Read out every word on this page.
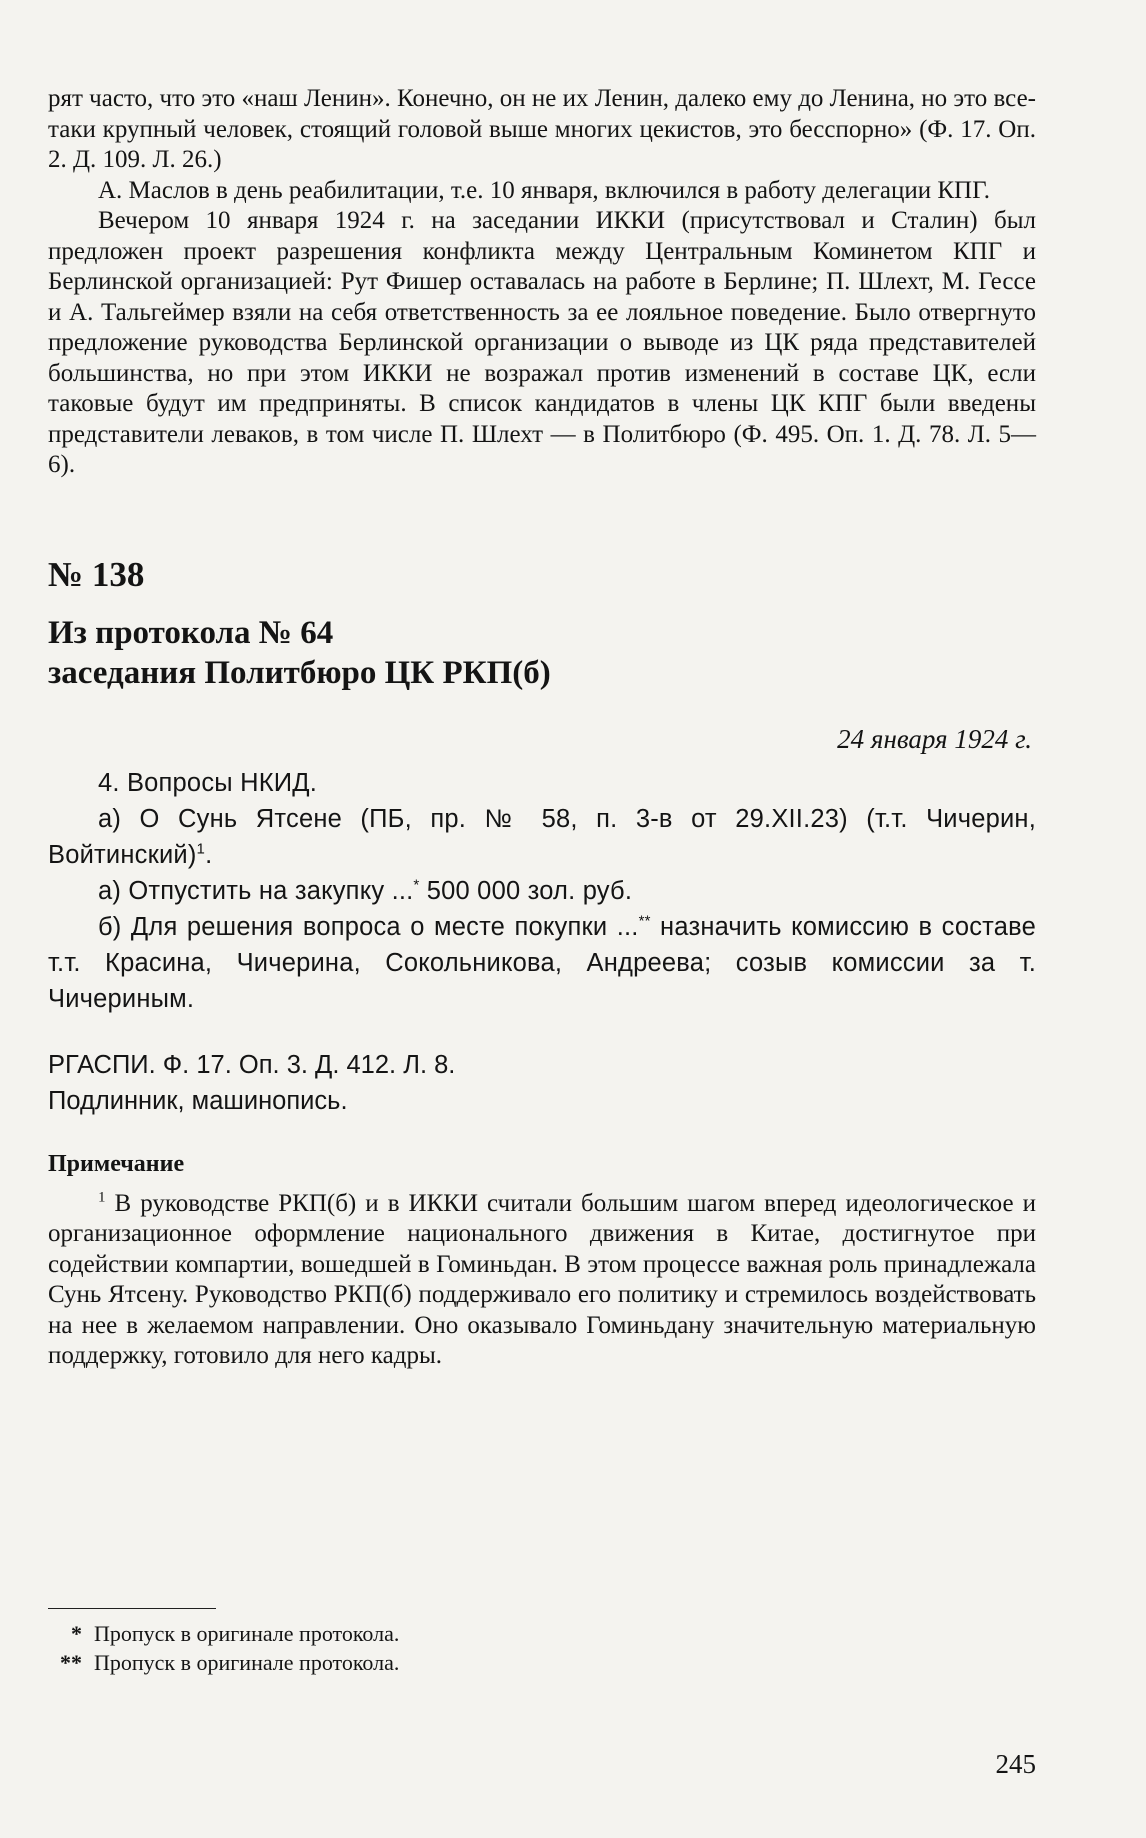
рят часто, что это «наш Ленин». Конечно, он не их Ленин, далеко ему до Ленина, но это все-таки крупный человек, стоящий головой выше многих цекистов, это бесспорно» (Ф. 17. Оп. 2. Д. 109. Л. 26.)

А. Маслов в день реабилитации, т.е. 10 января, включился в работу делегации КПГ.

Вечером 10 января 1924 г. на заседании ИККИ (присутствовал и Сталин) был предложен проект разрешения конфликта между Центральным Коминетом КПГ и Берлинской организацией: Рут Фишер оставалась на работе в Берлине; П. Шлехт, М. Гессе и А. Тальгеймер взяли на себя ответственность за ее лояльное поведение. Было отвергнуто предложение руководства Берлинской организации о выводе из ЦК ряда представителей большинства, но при этом ИККИ не возражал против изменений в составе ЦК, если таковые будут им предприняты. В список кандидатов в члены ЦК КПГ были введены представители леваков, в том числе П. Шлехт — в Политбюро (Ф. 495. Оп. 1. Д. 78. Л. 5—6).

№ 138

Из протокола № 64
заседания Политбюро ЦК РКП(б)

24 января 1924 г.

4. Вопросы НКИД.

а) О Сунь Ятсене (ПБ, пр. № 58, п. 3-в от 29.XII.23) (т.т. Чичерин, Войтинский)$^1$.

а) Отпустить на закупку ...* 500 000 зол. руб.

б) Для решения вопроса о месте покупки ...** назначить комиссию в составе т.т. Красина, Чичерина, Сокольникова, Андреева; созыв комиссии за т. Чичериным.

РГАСПИ. Ф. 17. Оп. 3. Д. 412. Л. 8.
Подлинник, машинопись.

Примечание

$^1$ В руководстве РКП(б) и в ИККИ считали большим шагом вперед идеологическое и организационное оформление национального движения в Китае, достигнутое при содействии компартии, вошедшей в Гоминьдан. В этом процессе важная роль принадлежала Сунь Ятсену. Руководство РКП(б) поддерживало его политику и стремилось воздействовать на нее в желаемом направлении. Оно оказывало Гоминьдану значительную материальную поддержку, готовило для него кадры.

* Пропуск в оригинале протокола.

** Пропуск в оригинале протокола.

245
